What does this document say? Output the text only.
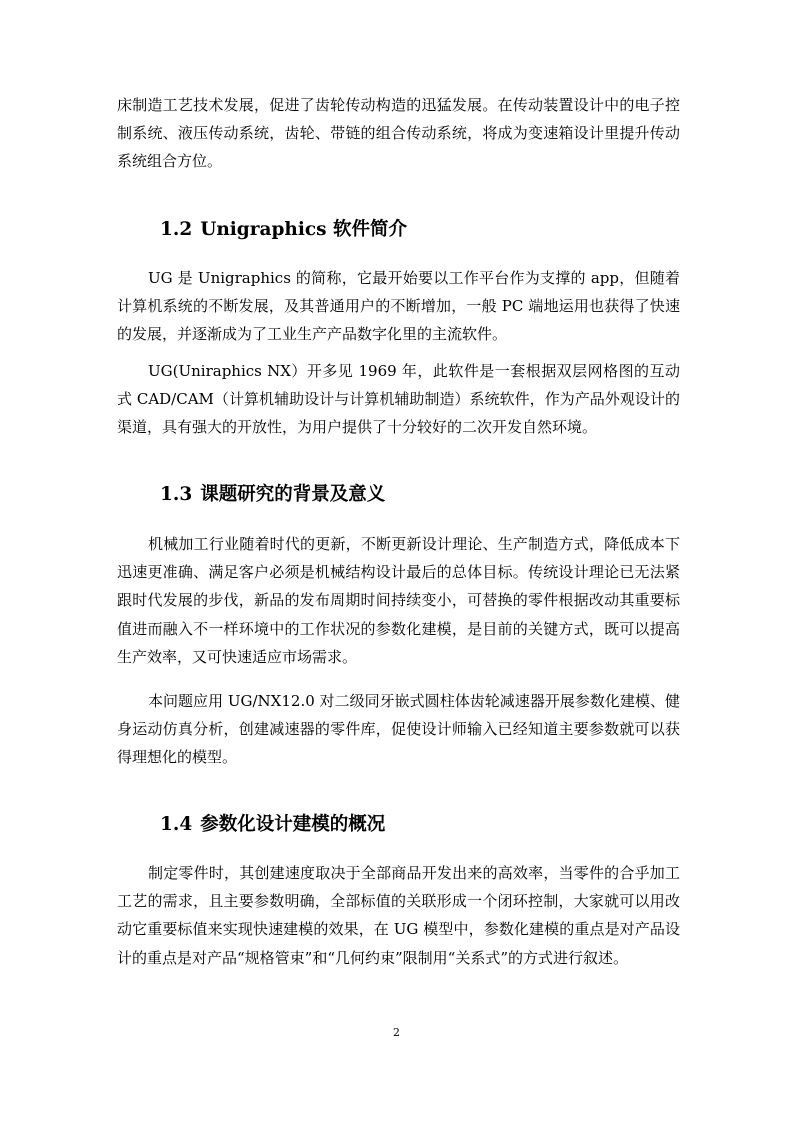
床制造工艺技术发展，促进了齿轮传动构造的迅猛发展。在传动装置设计中的电子控制系统、液压传动系统，齿轮、带链的组合传动系统，将成为变速箱设计里提升传动系统组合方位。

1.2 Unigraphics 软件简介

UG 是 Unigraphics 的简称，它最开始要以工作平台作为支撑的 app，但随着计算机系统的不断发展，及其普通用户的不断增加，一般 PC 端地运用也获得了快速的发展，并逐渐成为了工业生产产品数字化里的主流软件。

UG(Uniraphics NX）开多见 1969 年，此软件是一套根据双层网格图的互动式 CAD/CAM（计算机辅助设计与计算机辅助制造）系统软件，作为产品外观设计的渠道，具有强大的开放性，为用户提供了十分较好的二次开发自然环境。

1.3 课题研究的背景及意义

机械加工行业随着时代的更新，不断更新设计理论、生产制造方式，降低成本下迅速更准确、满足客户必须是机械结构设计最后的总体目标。传统设计理论已无法紧跟时代发展的步伐，新品的发布周期时间持续变小，可替换的零件根据改动其重要标值进而融入不一样环境中的工作状况的参数化建模，是目前的关键方式，既可以提高生产效率，又可快速适应市场需求。

本问题应用 UG/NX12.0 对二级同牙嵌式圆柱体齿轮减速器开展参数化建模、健身运动仿真分析，创建减速器的零件库，促使设计师输入已经知道主要参数就可以获得理想化的模型。

1.4 参数化设计建模的概况

制定零件时，其创建速度取决于全部商品开发出来的高效率，当零件的合乎加工工艺的需求，且主要参数明确，全部标值的关联形成一个闭环控制，大家就可以用改动它重要标值来实现快速建模的效果，在 UG 模型中，参数化建模的重点是对产品设计的重点是对产品“规格管束”和“几何约束”限制用“关系式”的方式进行叙述。

2
